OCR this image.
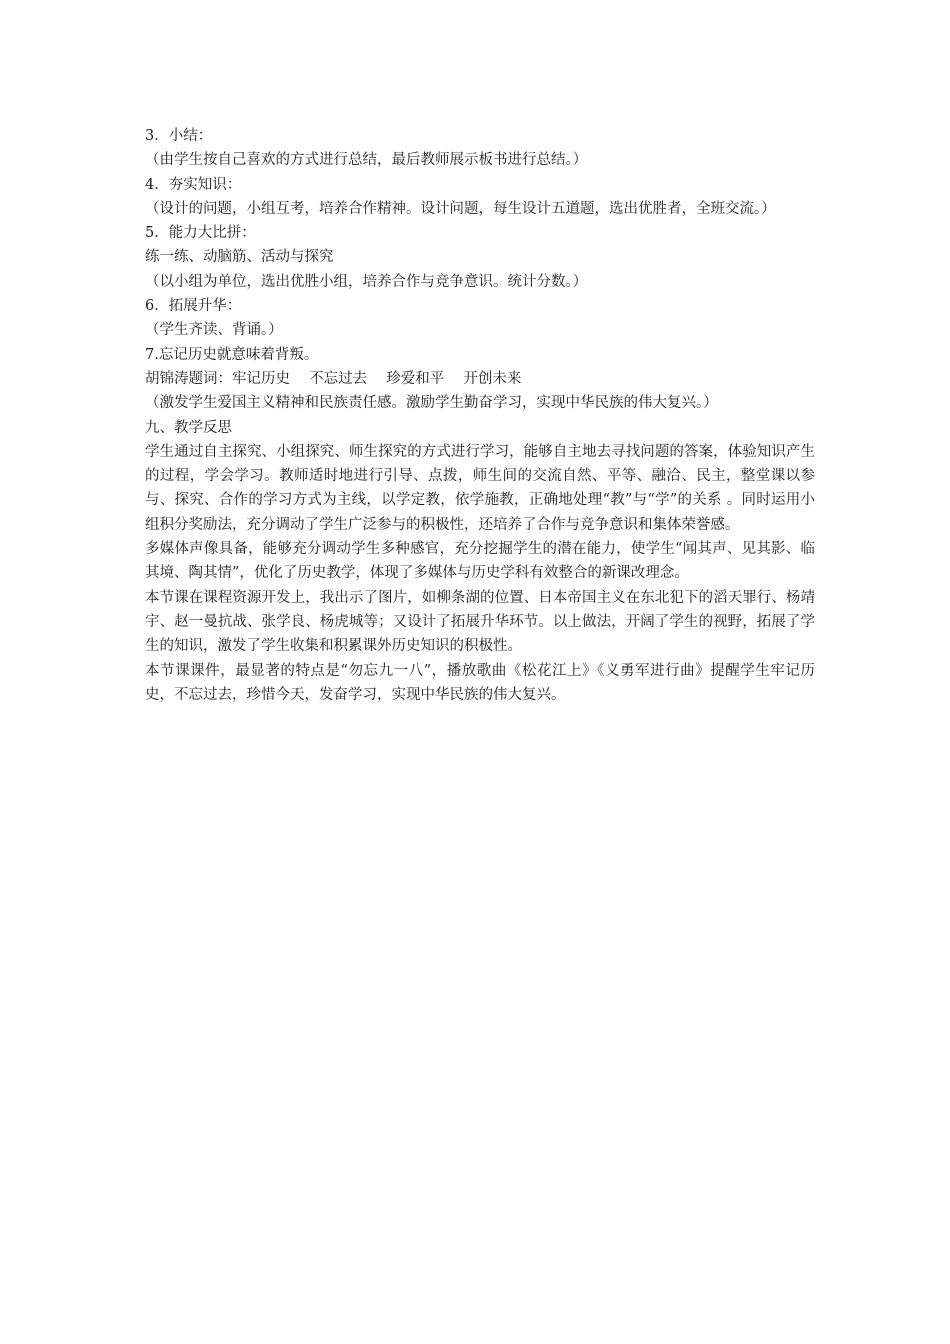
3．小结：
（由学生按自己喜欢的方式进行总结，最后教师展示板书进行总结。）
4．夯实知识：
（设计的问题，小组互考，培养合作精神。设计问题，每生设计五道题，选出优胜者，全班交流。）
5．能力大比拼：
练一练、动脑筋、活动与探究
（以小组为单位，选出优胜小组，培养合作与竞争意识。统计分数。）
6．拓展升华：
（学生齐读、背诵。）
7.忘记历史就意味着背叛。
胡锦涛题词：牢记历史　 不忘过去　 珍爱和平　 开创未来
（激发学生爱国主义精神和民族责任感。激励学生勤奋学习，实现中华民族的伟大复兴。）
九、教学反思
学生通过自主探究、小组探究、师生探究的方式进行学习，能够自主地去寻找问题的答案，体验知识产生的过程，学会学习。教师适时地进行引导、点拨，师生间的交流自然、平等、融洽、民主，整堂课以参与、探究、合作的学习方式为主线，以学定教，依学施教，正确地处理“教”与“学”的关系 。同时运用小组积分奖励法，充分调动了学生广泛参与的积极性，还培养了合作与竞争意识和集体荣誉感。
多媒体声像具备，能够充分调动学生多种感官，充分挖掘学生的潜在能力，使学生“闻其声、见其影、临其境、陶其情”，优化了历史教学，体现了多媒体与历史学科有效整合的新课改理念。
本节课在课程资源开发上，我出示了图片，如柳条湖的位置、日本帝国主义在东北犯下的滔天罪行、杨靖宇、赵一曼抗战、张学良、杨虎城等；又设计了拓展升华环节。以上做法，开阔了学生的视野，拓展了学生的知识，激发了学生收集和积累课外历史知识的积极性。
本节课课件，最显著的特点是“勿忘九一八”，播放歌曲《松花江上》《义勇军进行曲》提醒学生牢记历史，不忘过去，珍惜今天，发奋学习，实现中华民族的伟大复兴。
